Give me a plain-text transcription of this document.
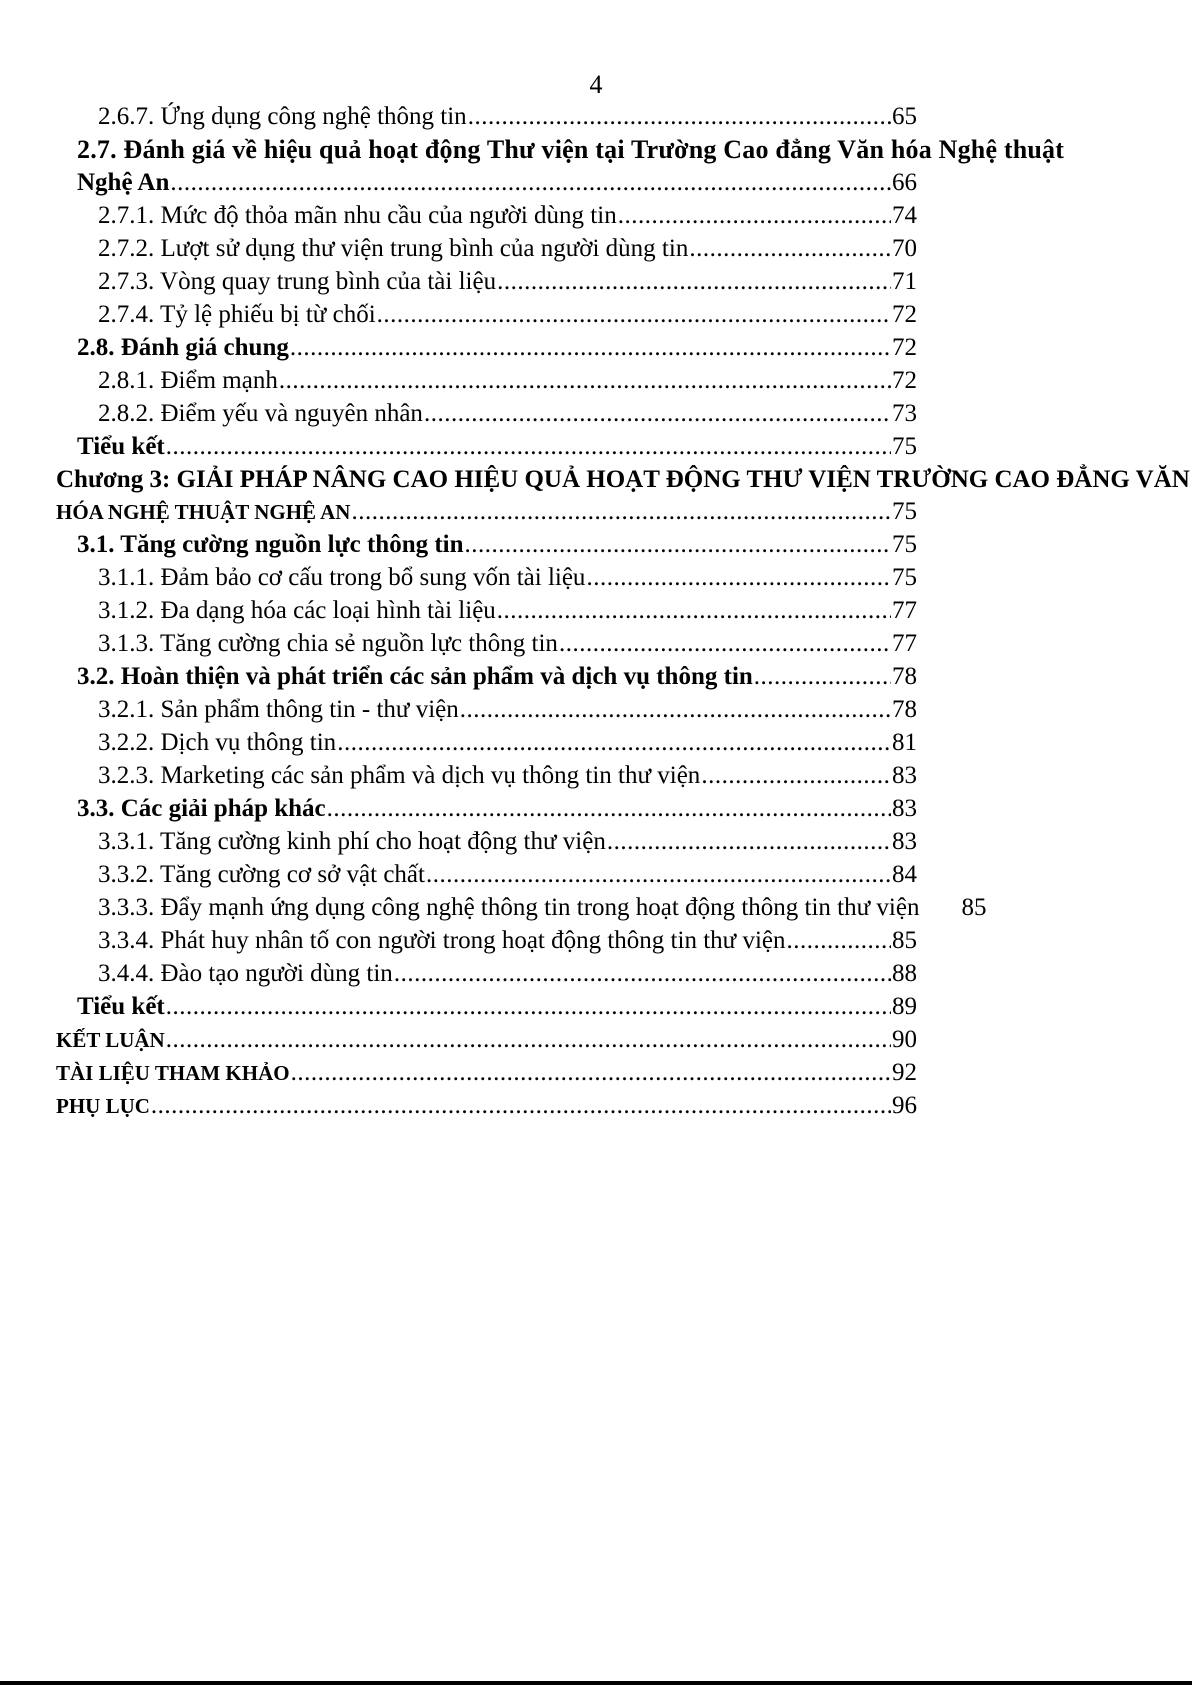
4
2.6.7. Ứng dụng công nghệ thông tin .....	65
2.7. Đánh giá về hiệu quả hoạt động Thư viện tại Trường Cao đẳng Văn hóa Nghệ thuật
Nghệ An .....	66
2.7.1. Mức độ thỏa mãn nhu cầu của người dùng tin .....	74
2.7.2. Lượt sử dụng thư viện trung bình của người dùng tin .....	70
2.7.3. Vòng quay trung bình của tài liệu .....	71
2.7.4. Tỷ lệ phiếu bị từ chối .....	72
2.8. Đánh giá chung .....	72
2.8.1. Điểm mạnh .....	72
2.8.2. Điểm yếu và nguyên nhân .....	73
Tiểu kết .....	75
Chương 3: GIẢI PHÁP NÂNG CAO HIỆU QUẢ HOẠT ĐỘNG THƯ VIỆN TRƯỜNG CAO ĐẲNG VĂN
HÓA NGHỆ THUẬT NGHỆ AN .....	75
3.1. Tăng cường nguồn lực thông tin .....	75
3.1.1. Đảm bảo cơ cấu trong bổ sung vốn tài liệu .....	75
3.1.2. Đa dạng hóa các loại hình tài liệu .....	77
3.1.3. Tăng cường chia sẻ nguồn lực thông tin .....	77
3.2. Hoàn thiện và phát triển các sản phẩm và dịch vụ thông tin .....	78
3.2.1. Sản phẩm thông tin - thư viện .....	78
3.2.2. Dịch vụ thông tin .....	81
3.2.3. Marketing các sản phẩm và dịch vụ thông tin thư viện .....	83
3.3. Các giải pháp khác .....	83
3.3.1. Tăng cường kinh phí cho hoạt động thư viện .....	83
3.3.2. Tăng cường cơ sở vật chất .....	84
3.3.3. Đẩy mạnh ứng dụng công nghệ thông tin trong hoạt động thông tin thư viện 85
3.3.4. Phát huy nhân tố con người trong hoạt động thông tin thư viện .....	85
3.4.4. Đào tạo người dùng tin .....	88
Tiểu kết .....	89
KẾT LUẬN .....	90
TÀI LIỆU THAM KHẢO .....	92
PHỤ LỤC .....	96
